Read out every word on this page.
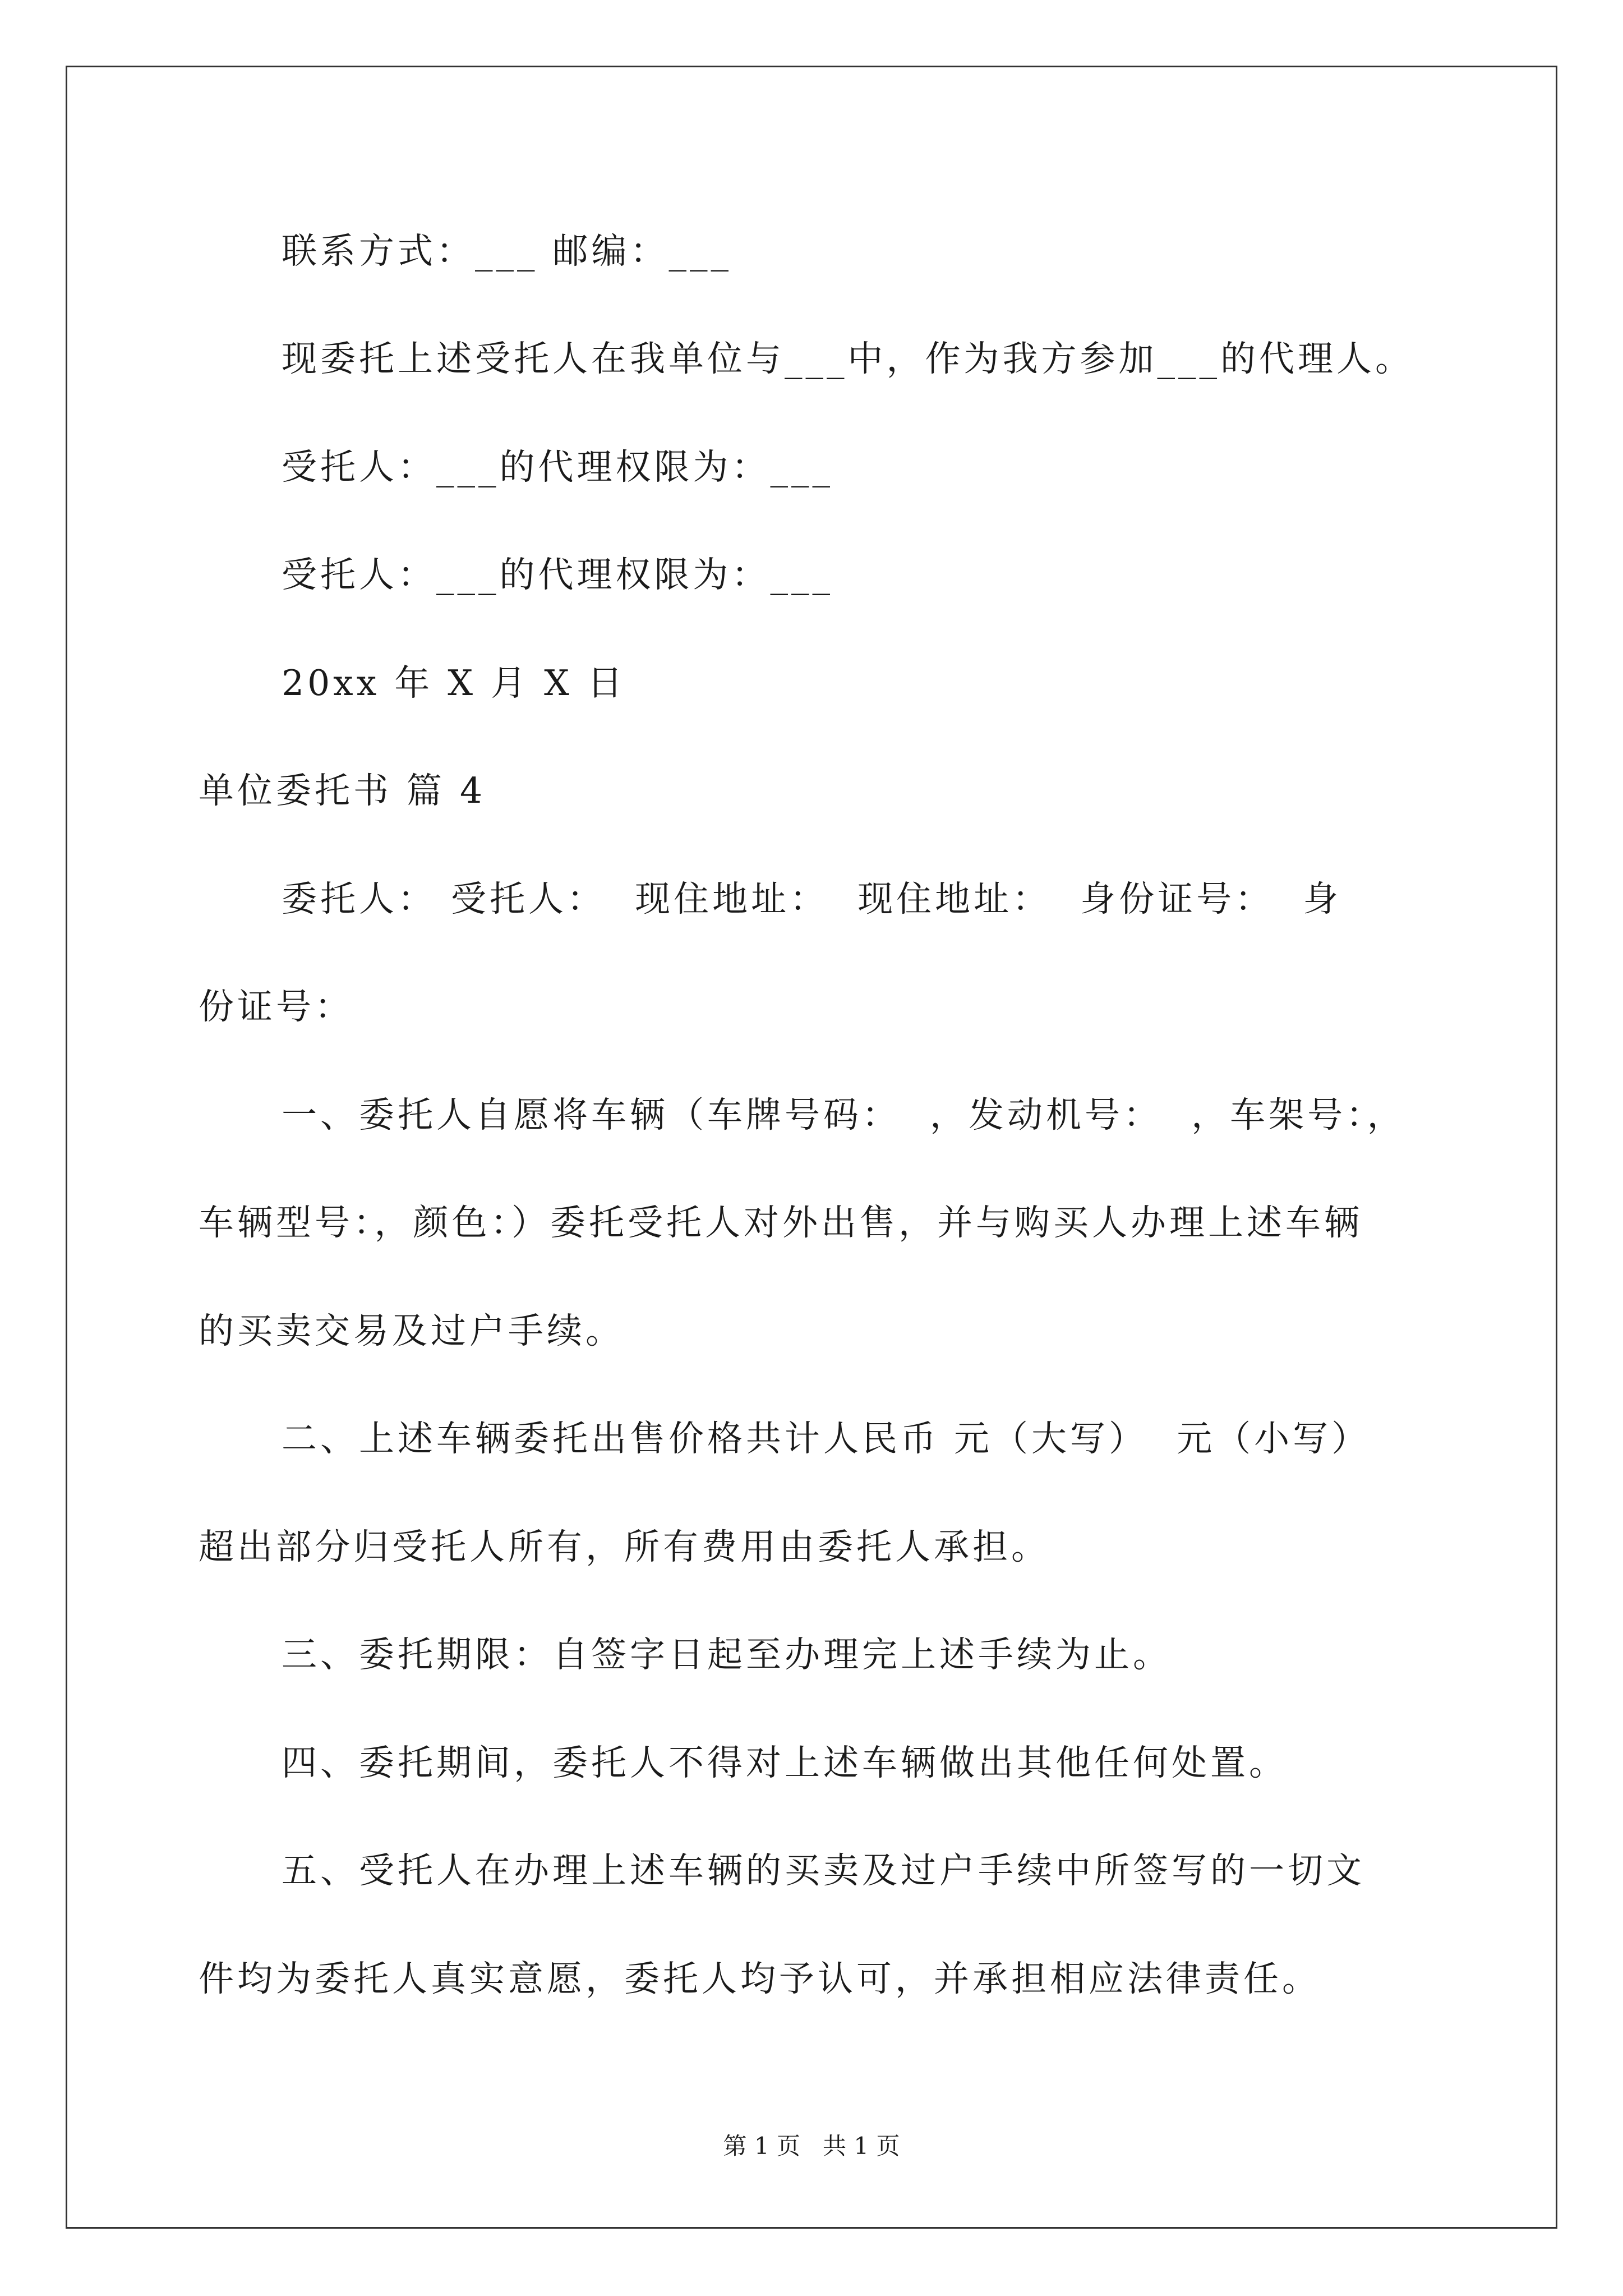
联系方式：___ 邮编：___
现委托上述受托人在我单位与___中，作为我方参加___的代理人。
受托人：___的代理权限为：___
受托人：___的代理权限为：___
20xx 年 X 月 X 日
单位委托书 篇 4
委托人： 受托人：  现住地址：  现住地址：  身份证号：  身
份证号：
一、委托人自愿将车辆（车牌号码：  ，发动机号：  ，车架号：，
车辆型号：，颜色：）委托受托人对外出售，并与购买人办理上述车辆
的买卖交易及过户手续。
二、上述车辆委托出售价格共计人民币 元（大写）  元（小写）
超出部分归受托人所有，所有费用由委托人承担。
三、委托期限：自签字日起至办理完上述手续为止。
四、委托期间，委托人不得对上述车辆做出其他任何处置。
五、受托人在办理上述车辆的买卖及过户手续中所签写的一切文
件均为委托人真实意愿，委托人均予认可，并承担相应法律责任。
第 1 页   共 1 页
